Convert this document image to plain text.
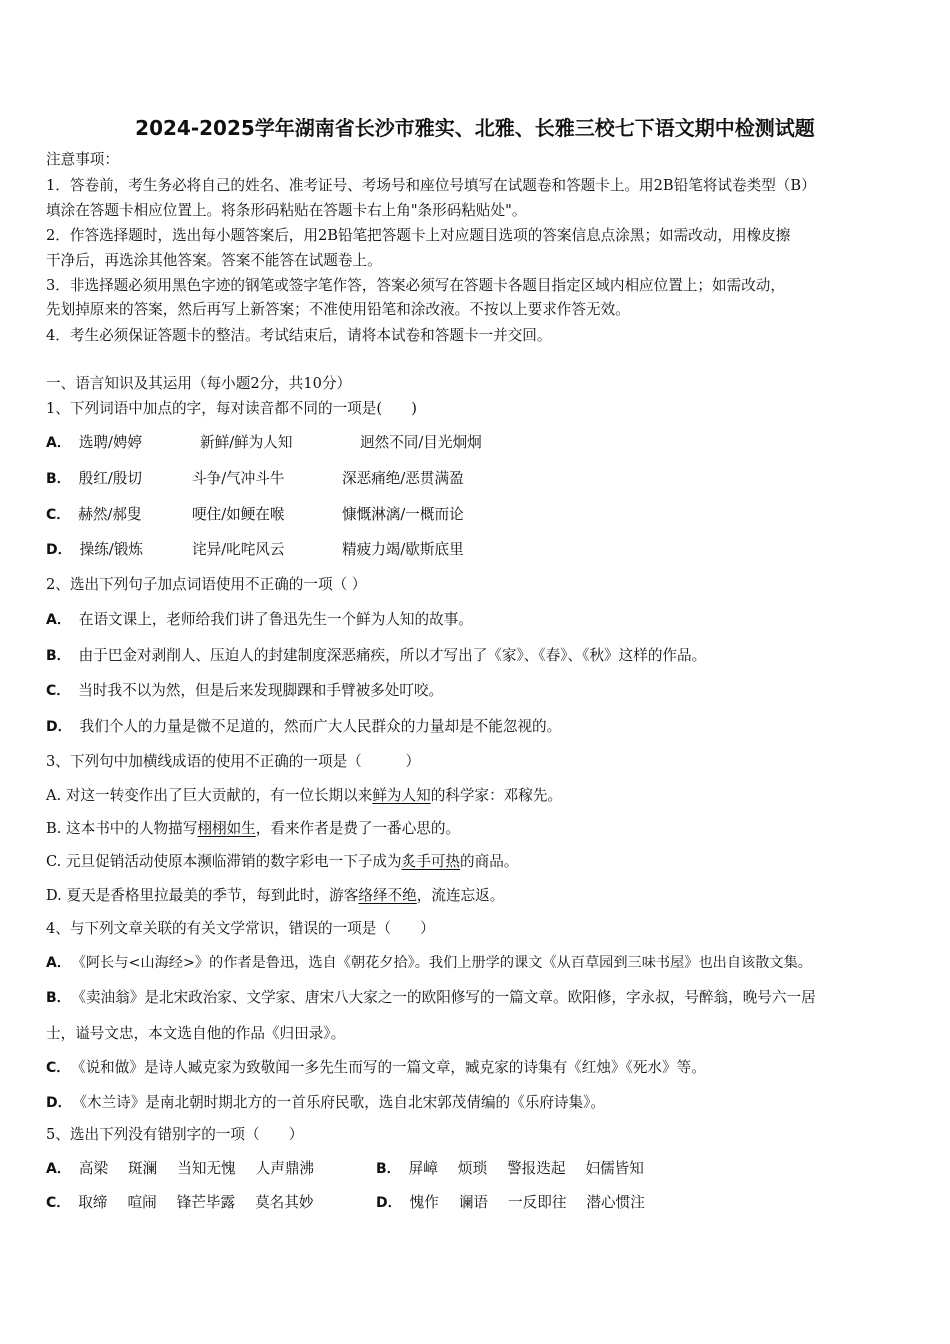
2024-2025学年湖南省长沙市雅实、北雅、长雅三校七下语文期中检测试题
注意事项：
1．答卷前，考生务必将自己的姓名、准考证号、考场号和座位号填写在试题卷和答题卡上。用2B铅笔将试卷类型（B）
填涂在答题卡相应位置上。将条形码粘贴在答题卡右上角"条形码粘贴处"。
2．作答选择题时，选出每小题答案后，用2B铅笔把答题卡上对应题目选项的答案信息点涂黑；如需改动，用橡皮擦
干净后，再选涂其他答案。答案不能答在试题卷上。
3．非选择题必须用黑色字迹的钢笔或签字笔作答，答案必须写在答题卡各题目指定区域内相应位置上；如需改动，
先划掉原来的答案，然后再写上新答案；不准使用铅笔和涂改液。不按以上要求作答无效。
4．考生必须保证答题卡的整洁。考试结束后，请将本试卷和答题卡一并交回。
一、语言知识及其运用（每小题2分，共10分）
1、下列词语中加点的字，每对读音都不同的一项是(　　)
A． 选聘/娉婷	新鲜/鲜为人知	迥然不同/目光炯炯
B． 殷红/殷切	斗争/气冲斗牛	深恶痛绝/恶贯满盈
C． 赫然/郝叟	哽住/如鲠在喉	慷慨淋漓/一概而论
D． 操练/锻炼	诧异/叱咤风云	精疲力竭/歇斯底里
2、选出下列句子加点词语使用不正确的一项（ ）
A． 在语文课上，老师给我们讲了鲁迅先生一个鲜为人知的故事。
B． 由于巴金对剥削人、压迫人的封建制度深恶痛疾，所以才写出了《家》、《春》、《秋》这样的作品。
C． 当时我不以为然，但是后来发现脚踝和手臂被多处叮咬。
D． 我们个人的力量是微不足道的，然而广大人民群众的力量却是不能忽视的。
3、下列句中加横线成语的使用不正确的一项是（　　　）
A. 对这一转变作出了巨大贡献的，有一位长期以来鲜为人知的科学家：邓稼先。
B. 这本书中的人物描写栩栩如生，看来作者是费了一番心思的。
C. 元旦促销活动使原本濒临滞销的数字彩电一下子成为炙手可热的商品。
D. 夏天是香格里拉最美的季节，每到此时，游客络绎不绝，流连忘返。
4、与下列文章关联的有关文学常识，错误的一项是（　　）
A． 《阿长与<山海经>》的作者是鲁迅，选自《朝花夕拾》。我们上册学的课文《从百草园到三味书屋》也出自该散文集。
B． 《卖油翁》是北宋政治家、文学家、唐宋八大家之一的欧阳修写的一篇文章。欧阳修，字永叔，号醉翁，晚号六一居
士，谥号文忠，本文选自他的作品《归田录》。
C． 《说和做》是诗人臧克家为致敬闻一多先生而写的一篇文章，臧克家的诗集有《红烛》《死水》等。
D． 《木兰诗》是南北朝时期北方的一首乐府民歌，选自北宋郭茂倩编的《乐府诗集》。
5、选出下列没有错别字的一项（　　）
A． 高梁 斑澜 当知无愧 人声鼎沸	B． 屏嶂 烦琐 警报迭起 妇儒皆知
C． 取缔 喧闹 锋芒毕露 莫名其妙	D． 愧作 谰语 一反即往 潜心惯注
